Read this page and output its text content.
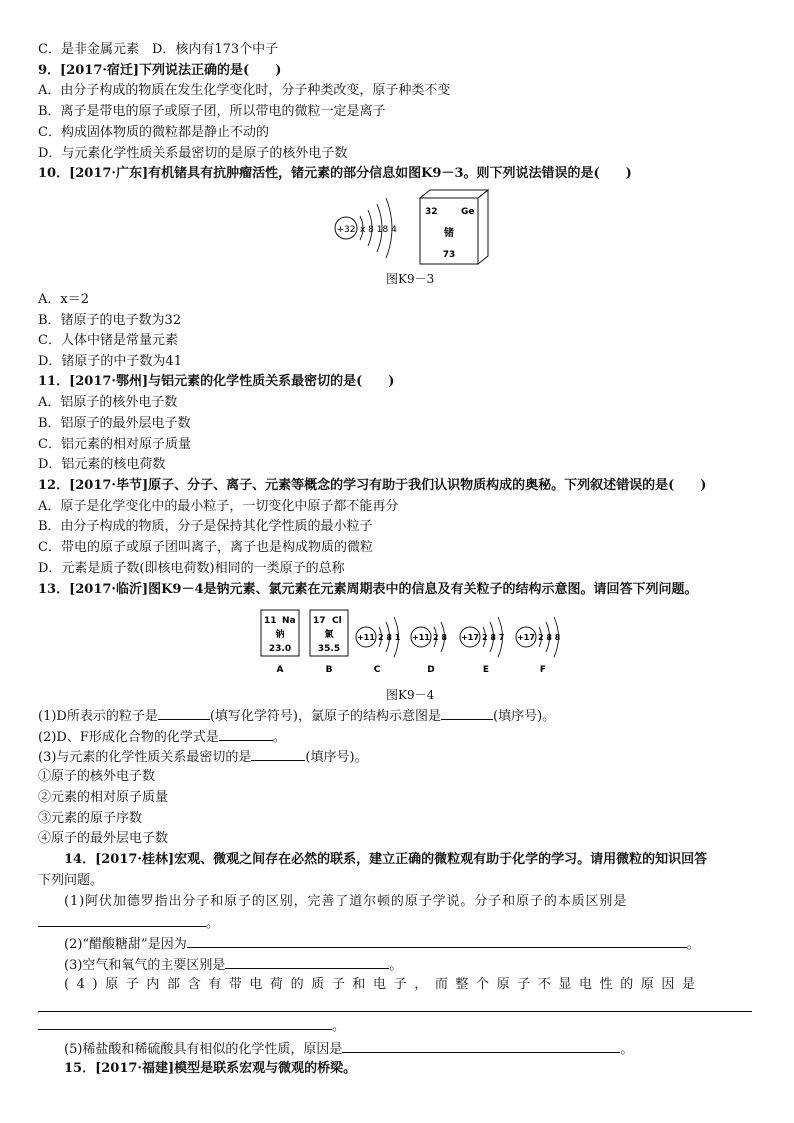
C．是非金属元素　D．核内有173个中子
9．[2017·宿迁]下列说法正确的是(　　)
A．由分子构成的物质在发生化学变化时，分子种类改变，原子种类不变
B．离子是带电的原子或原子团，所以带电的微粒一定是离子
C．构成固体物质的微粒都是静止不动的
D．与元素化学性质关系最密切的是原子的核外电子数
10．[2017·广东]有机锗具有抗肿瘤活性，锗元素的部分信息如图K9－3。则下列说法错误的是(　　)
+32 x 8 18 4
32	Ge
锗
73
图K9－3
A．x＝2
B．锗原子的电子数为32
C．人体中锗是常量元素
D．锗原子的中子数为41
11．[2017·鄂州]与铝元素的化学性质关系最密切的是(　　)
A．铝原子的核外电子数
B．铝原子的最外层电子数
C．铝元素的相对原子质量
D．铝元素的核电荷数
12．[2017·毕节]原子、分子、离子、元素等概念的学习有助于我们认识物质构成的奥秘。下列叙述错误的是(　　)
A．原子是化学变化中的最小粒子，一切变化中原子都不能再分
B．由分子构成的物质，分子是保持其化学性质的最小粒子
C．带电的原子或原子团叫离子，离子也是构成物质的微粒
D．元素是质子数(即核电荷数)相同的一类原子的总称
13．[2017·临沂]图K9－4是钠元素、氯元素在元素周期表中的信息及有关粒子的结构示意图。请回答下列问题。
11 Na
钠
23.0
A
17 Cl
氯
35.5
B
+11 2 8 1
C
+11 2 8
D
+17 2 8 7
E
+17 2 8 8
F
图K9－4
(1)D所表示的粒子是	(填写化学符号)，氯原子的结构示意图是	(填序号)。
(2)D、F形成化合物的化学式是	。
(3)与元素的化学性质关系最密切的是	(填序号)。
①原子的核外电子数
②元素的相对原子质量
③元素的原子序数
④原子的最外层电子数
14．[2017·桂林]宏观、微观之间存在必然的联系，建立正确的微粒观有助于化学的学习。请用微粒的知识回答
下列问题。
(1)阿伏加德罗指出分子和原子的区别，完善了道尔顿的原子学说。分子和原子的本质区别是
。
(2)“醋酸糖甜”是因为	。
(3)空气和氧气的主要区别是	。
(4)原子内部含有带电荷的质子和电子，而整个原子不显电性的原因是
。
(5)稀盐酸和稀硫酸具有相似的化学性质，原因是	。
15．[2017·福建]模型是联系宏观与微观的桥梁。
